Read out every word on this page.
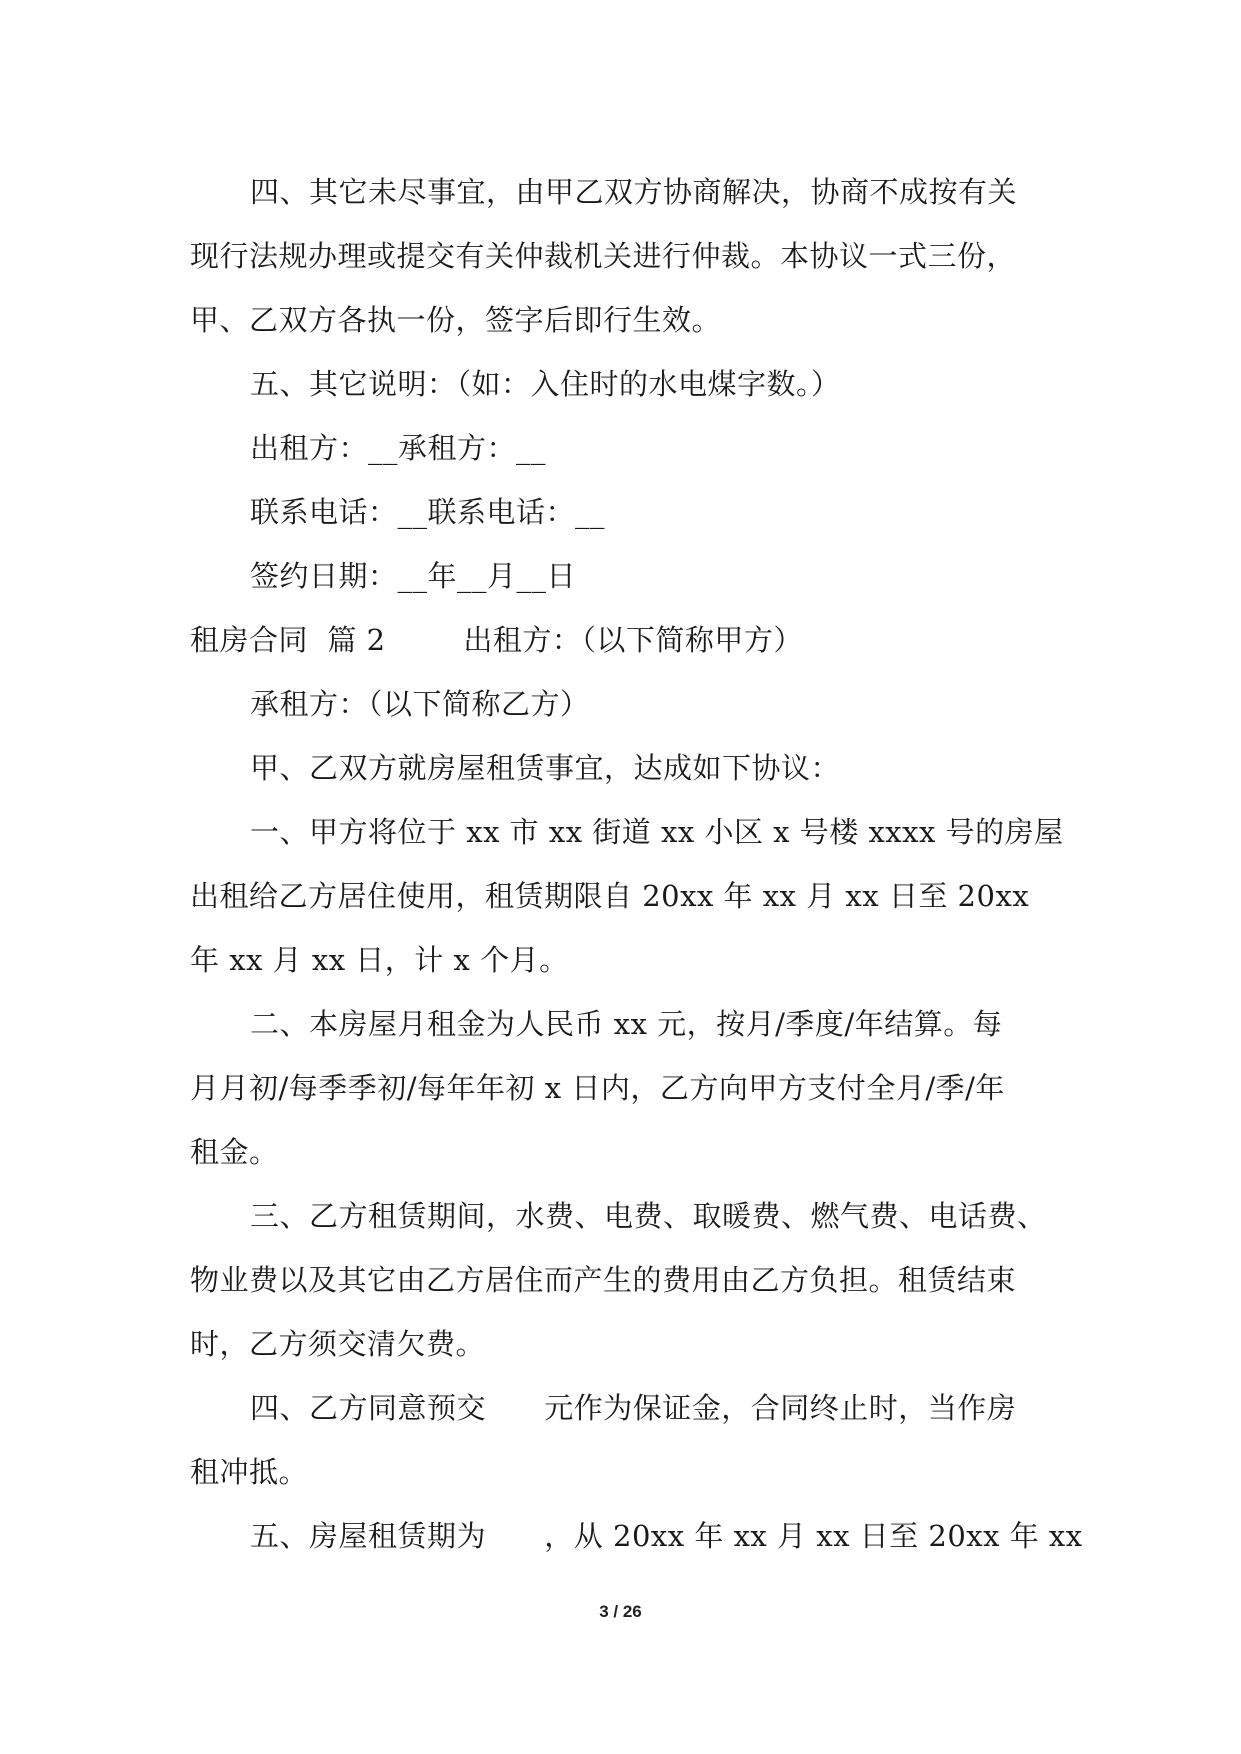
四、其它未尽事宜，由甲乙双方协商解决，协商不成按有关
现行法规办理或提交有关仲裁机关进行仲裁。本协议一式三份，
甲、乙双方各执一份，签字后即行生效。
五、其它说明：（如：入住时的水电煤字数。）
出租方：__承租方：__
联系电话：__联系电话：__
签约日期：__年__月__日
租房合同  篇 2        出租方：（以下简称甲方）
承租方：（以下简称乙方）
甲、乙双方就房屋租赁事宜，达成如下协议：
一、甲方将位于 xx 市 xx 街道 xx 小区 x 号楼 xxxx 号的房屋
出租给乙方居住使用，租赁期限自 20xx 年 xx 月 xx 日至 20xx
年 xx 月 xx 日，计 x 个月。
二、本房屋月租金为人民币 xx 元，按月/季度/年结算。每
月月初/每季季初/每年年初 x 日内，乙方向甲方支付全月/季/年
租金。
三、乙方租赁期间，水费、电费、取暖费、燃气费、电话费、
物业费以及其它由乙方居住而产生的费用由乙方负担。租赁结束
时，乙方须交清欠费。
四、乙方同意预交      元作为保证金，合同终止时，当作房
租冲抵。
五、房屋租赁期为      ，从 20xx 年 xx 月 xx 日至 20xx 年 xx
3 / 26
